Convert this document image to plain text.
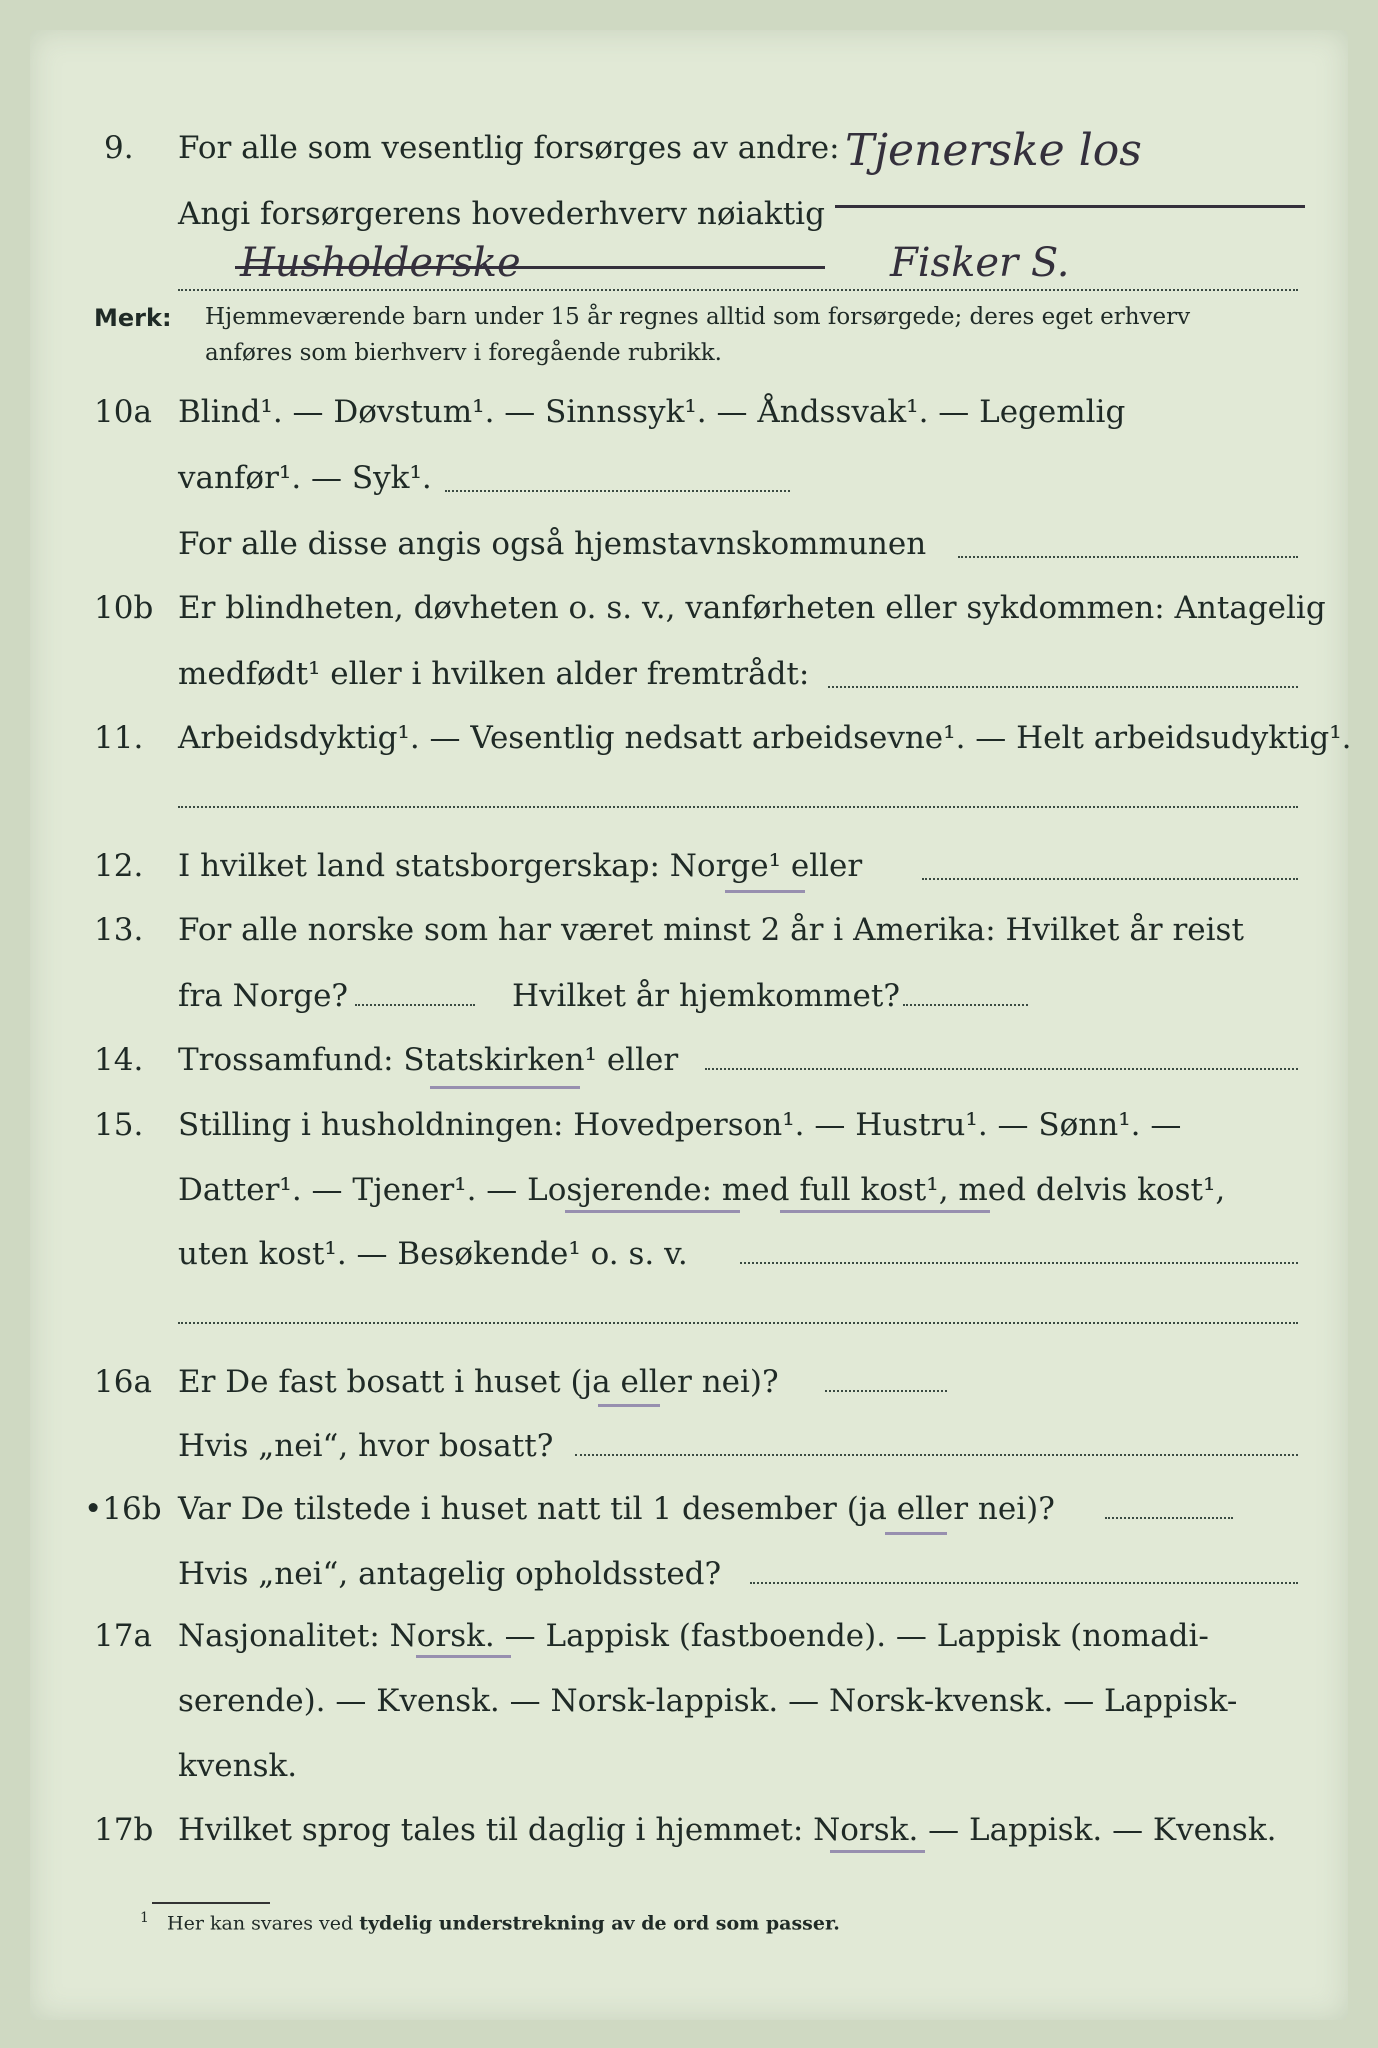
9. For alle som vesentlig forsørges av andre:
Angi forsørgerens hovederhverv nøiaktig
Tjenerske los
Husholderske	Fisker S.
Merk: Hjemmeværende barn under 15 år regnes alltid som forsørgede; deres eget erhverv
anføres som bierhverv i foregående rubrikk.
10a Blind¹. — Døvstum¹. — Sinnssyk¹. — Åndssvak¹. — Legemlig
vanfør¹. — Syk¹.
For alle disse angis også hjemstavnskommunen
10b Er blindheten, døvheten o. s. v., vanførheten eller sykdommen: Antagelig
medfødt¹ eller i hvilken alder fremtrådt:
11. Arbeidsdyktig¹. — Vesentlig nedsatt arbeidsevne¹. — Helt arbeidsudyktig¹.
12. I hvilket land statsborgerskap: Norge¹ eller
13. For alle norske som har været minst 2 år i Amerika: Hvilket år reist
fra Norge?	Hvilket år hjemkommet?
14. Trossamfund: Statskirken¹ eller
15. Stilling i husholdningen: Hovedperson¹. — Hustru¹. — Sønn¹. —
Datter¹. — Tjener¹. — Losjerende: med full kost¹, med delvis kost¹,
uten kost¹. — Besøkende¹ o. s. v.
16a Er De fast bosatt i huset (ja eller nei)?
Hvis „nei“, hvor bosatt?
•16b Var De tilstede i huset natt til 1 desember (ja eller nei)?
Hvis „nei“, antagelig opholdssted?
17a Nasjonalitet: Norsk. — Lappisk (fastboende). — Lappisk (nomadi-
serende). — Kvensk. — Norsk-lappisk. — Norsk-kvensk. — Lappisk-
kvensk.
17b Hvilket sprog tales til daglig i hjemmet: Norsk. — Lappisk. — Kvensk.
$^1$ Her kan svares ved tydelig understrekning av de ord som passer.
